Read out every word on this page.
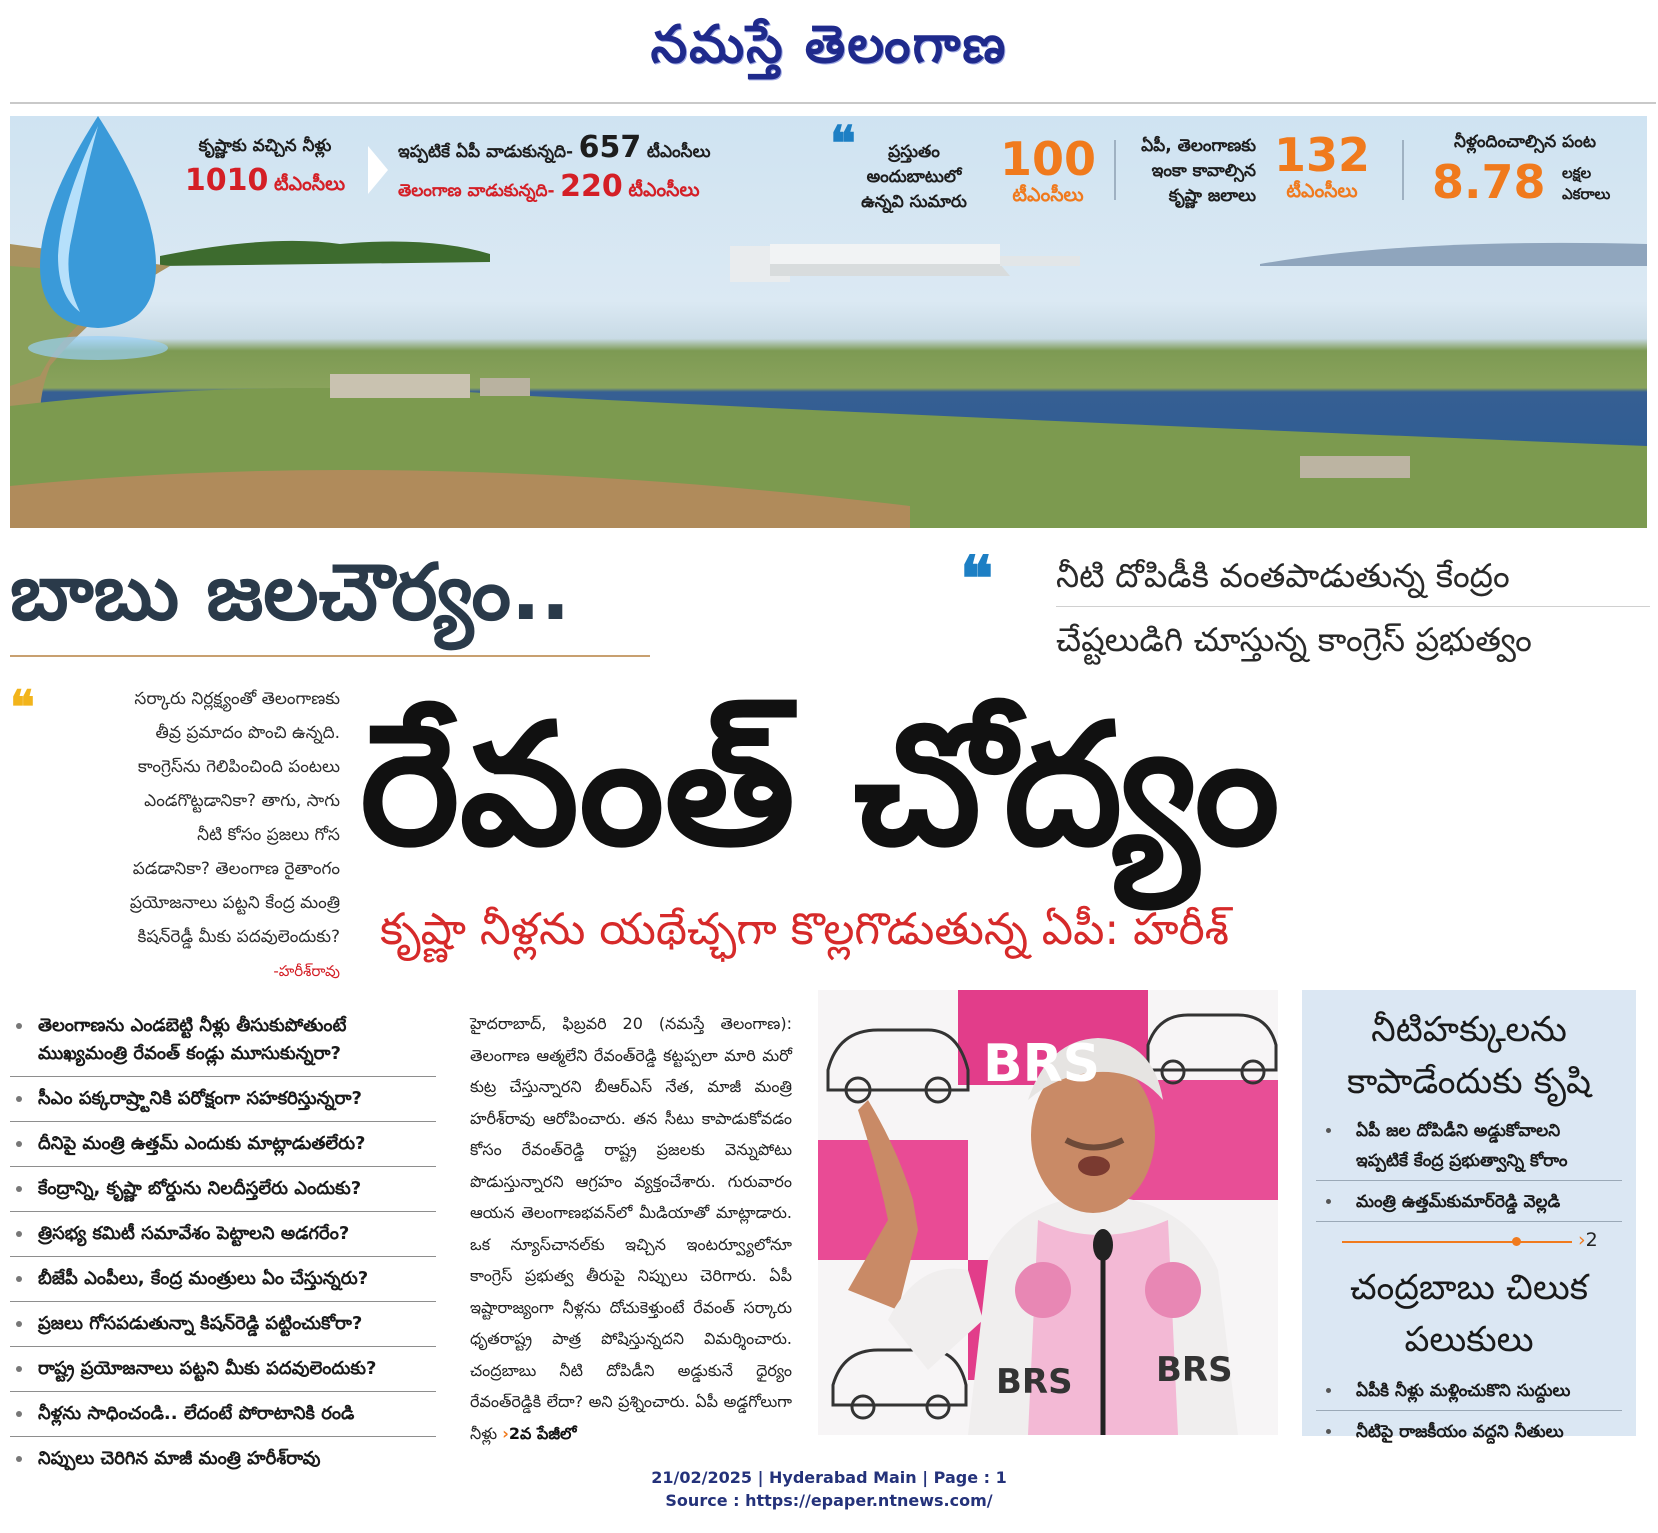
నమస్తే తెలంగాణ
కృష్ణాకు వచ్చిన నీళ్లు
1010 టీఎంసీలు
ఇప్పటికే ఏపీ వాడుకున్నది- 657 టీఎంసీలు
తెలంగాణ వాడుకున్నది- 220 టీఎంసీలు
❝	ప్రస్తుతం
అందుబాటులో
ఉన్నవి సుమారు
100
టీఎంసీలు
ఏపీ, తెలంగాణకు
ఇంకా కావాల్సిన
కృష్ణా జలాలు
132
టీఎంసీలు
నీళ్లందించాల్సిన పంట
8.78 లక్షల
ఎకరాలు
బాబు జలచౌర్యం..	❝ నీటి దోపిడీకి వంతపాడుతున్న కేంద్రం
చేష్టలుడిగి చూస్తున్న కాంగ్రెస్ ప్రభుత్వం
❝	సర్కారు నిర్లక్ష్యంతో తెలంగాణకు
తీవ్ర ప్రమాదం పొంచి ఉన్నది.
కాంగ్రెస్‌ను గెలిపించింది పంటలు
ఎండగొట్టడానికా? తాగు, సాగు
నీటి కోసం ప్రజలు గోస
పడడానికా? తెలంగాణ రైతాంగం
ప్రయోజనాలు పట్టని కేంద్ర మంత్రి
కిషన్‌రెడ్డీ మీకు పదవులెందుకు?
-హరీశ్‌రావు
రేవంత్ చోద్యం
కృష్ణా నీళ్లను యథేచ్ఛగా కొల్లగొడుతున్న ఏపీ: హరీశ్
తెలంగాణను ఎండబెట్టి నీళ్లు తీసుకుపోతుంటే ముఖ్యమంత్రి రేవంత్ కండ్లు మూసుకున్నరా?
సీఎం పక్కరాష్ర్టానికి పరోక్షంగా సహకరిస్తున్నరా?
దీనిపై మంత్రి ఉత్తమ్ ఎందుకు మాట్లాడుతలేరు?
కేంద్రాన్ని, కృష్ణా బోర్డును నిలదీస్తలేరు ఎందుకు?
త్రిసభ్య కమిటీ సమావేశం పెట్టాలని అడగరేం?
బీజేపీ ఎంపీలు, కేంద్ర మంత్రులు ఏం చేస్తున్నరు?
ప్రజలు గోసపడుతున్నా కిషన్‌రెడ్డి పట్టించుకోరా?
రాష్ట్ర ప్రయోజనాలు పట్టని మీకు పదవులెందుకు?
నీళ్లను సాధించండి.. లేదంటే పోరాటానికి రండి
నిప్పులు చెరిగిన మాజీ మంత్రి హరీశ్‌రావు
హైదరాబాద్, ఫిబ్రవరి 20 (నమస్తే తెలంగాణ): తెలంగాణ ఆత్మలేని రేవంత్‌రెడ్డి కట్టప్పలా మారి మరో కుట్ర చేస్తున్నారని బీఆర్‌ఎస్ నేత, మాజీ మంత్రి హరీశ్‌రావు ఆరోపించారు. తన సీటు కాపాడుకోవడం కోసం రేవంత్‌రెడ్డి రాష్ట్ర ప్రజలకు వెన్నుపోటు పొడుస్తున్నారని ఆగ్రహం వ్యక్తంచేశారు. గురువారం ఆయన తెలంగాణభవన్‌లో మీడియాతో మాట్లాడారు. ఒక న్యూస్‌చానల్‌కు ఇచ్చిన ఇంటర్వ్యూలోనూ కాంగ్రెస్ ప్రభుత్వ తీరుపై నిప్పులు చెరిగారు. ఏపీ ఇష్టారాజ్యంగా నీళ్లను దోచుకెళ్తుంటే రేవంత్ సర్కారు ధృతరాష్ట్ర పాత్ర పోషిస్తున్నదని విమర్శించారు. చంద్రబాబు నీటి దోపిడీని అడ్డుకునే ధైర్యం రేవంత్‌రెడ్డికి లేదా? అని ప్రశ్నించారు. ఏపీ అడ్డగోలుగా నీళ్లు ›2వ పేజీలో
BRS
BRS BRS
నీటిహక్కులను కాపాడేందుకు కృషి
ఏపీ జల దోపిడీని అడ్డుకోవాలని ఇప్పటికే కేంద్ర ప్రభుత్వాన్ని కోరాం
మంత్రి ఉత్తమ్‌కుమార్‌రెడ్డి వెల్లడి
›2
చంద్రబాబు చిలుక పలుకులు
ఏపీకి నీళ్లు మళ్లించుకొని సుద్దులు
నీటిపై రాజకీయం వద్దని నీతులు
21/02/2025 | Hyderabad Main | Page : 1
Source : https://epaper.ntnews.com/
